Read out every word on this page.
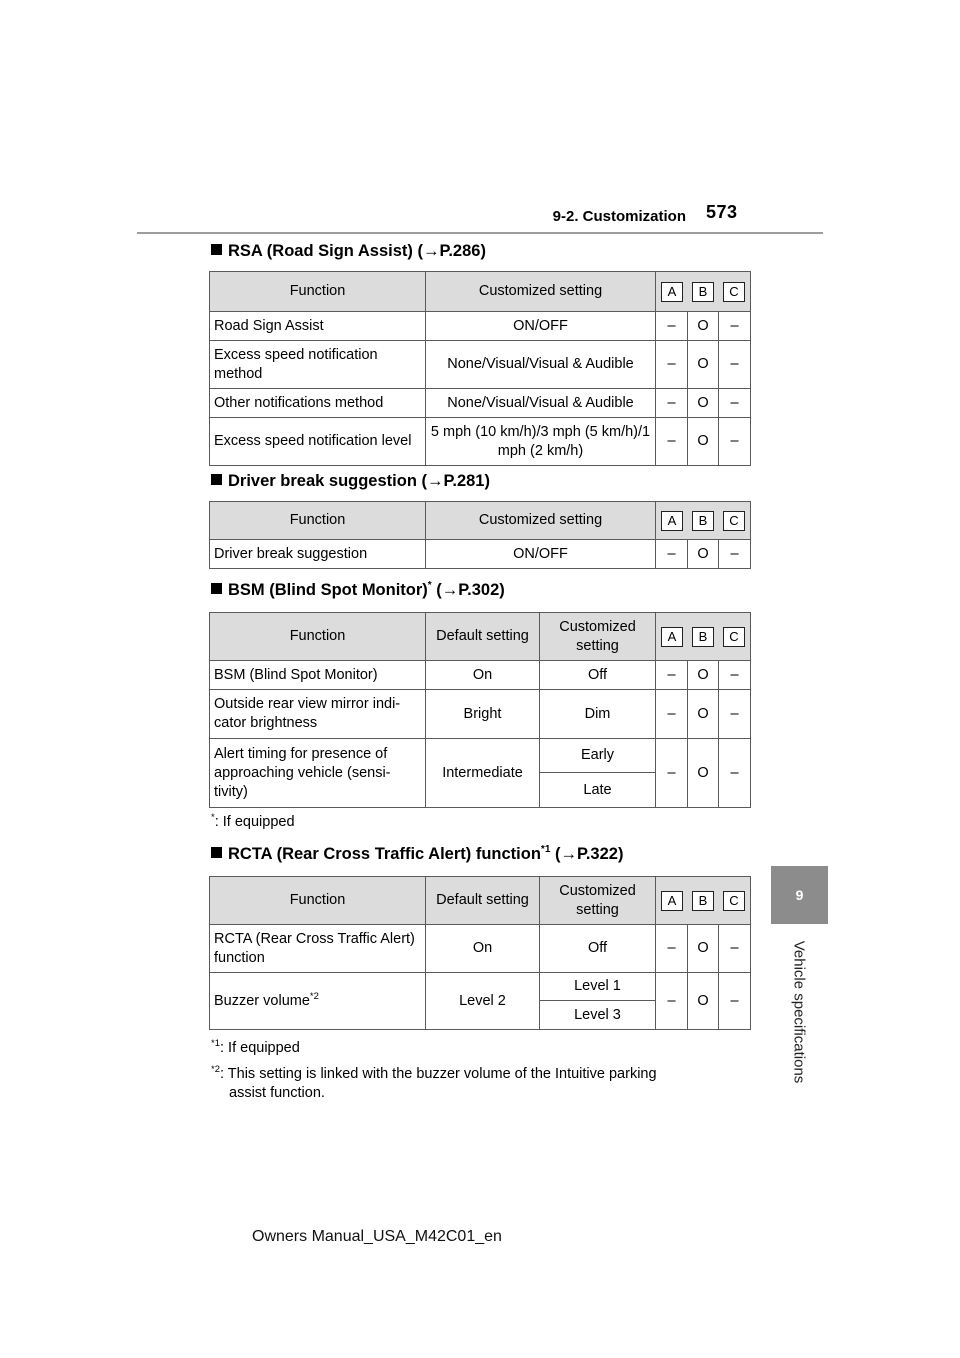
9-2. Customization 573
9
Vehicle specifications
RSA (Road Sign Assist) (→P.286)
Function	Customized setting	A B C		

Road Sign Assist	ON/OFF	–	O	–
Excess speed notification method	None/Visual/Visual & Audible	–	O	–
Other notifications method	None/Visual/Visual & Audible	–	O	–
Excess speed notification level	5 mph (10 km/h)/3 mph (5 km/h)/1 mph (2 km/h)	–	O	–
Driver break suggestion (→P.281)
Function	Customized setting	A B C		

Driver break suggestion	ON/OFF	–	O	–
BSM (Blind Spot Monitor)* (→P.302)
Function	Default setting	Customized setting	A B C		

BSM (Blind Spot Monitor)	On	Off	–	O	–
Outside rear view mirror indi- cator brightness	Bright	Dim	–	O	–
Alert timing for presence of approaching vehicle (sensi- tivity)	Intermediate	Early	–	O	–
		Late			
*: If equipped
RCTA (Rear Cross Traffic Alert) function$^{*1}$ (→P.322)
Function	Default setting	Customized setting	A B C		

RCTA (Rear Cross Traffic Alert) function	On	Off	–	O	–
Buzzer volume$^{*2}$	Level 2	Level 1	–	O	–
		Level 3			
$^{*1}$: If equipped
$^{*2}$: This setting is linked with the buzzer volume of the Intuitive parking
assist function.
Owners Manual_USA_M42C01_en
